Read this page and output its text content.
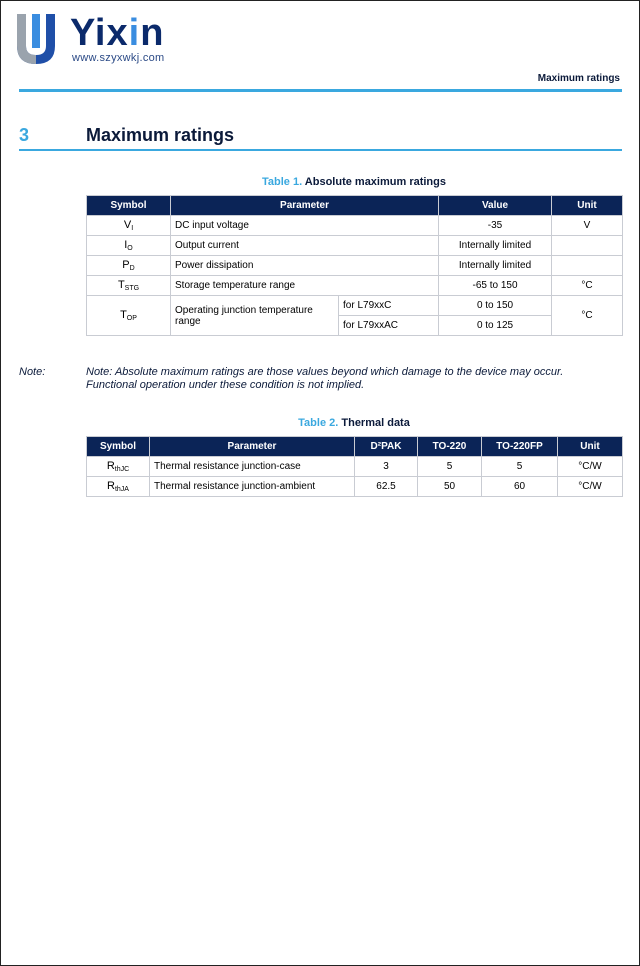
Yixin
www.szyxwkj.com
Maximum ratings
3	Maximum ratings
Table 1. Absolute maximum ratings
Symbol	Parameter		Value	Unit
$V_I$	DC input voltage		-35	V
$I_O$	Output current		Internally limited	
$P_D$	Power dissipation		Internally limited	
$T_{STG}$	Storage temperature range		-65 to 150	°C
$T_{OP}$	Operating junction temperature range	for L79xxC	0 to 150	°C
		for L79xxAC	0 to 125	
Note:	Note: Absolute maximum ratings are those values beyond which damage to the device may occur. Functional operation under these condition is not implied.
Table 2. Thermal data
Symbol	Parameter	D²PAK	TO-220	TO-220FP	Unit
$R_{thJC}$	Thermal resistance junction-case	3	5	5	°C/W
$R_{thJA}$	Thermal resistance junction-ambient	62.5	50	60	°C/W
